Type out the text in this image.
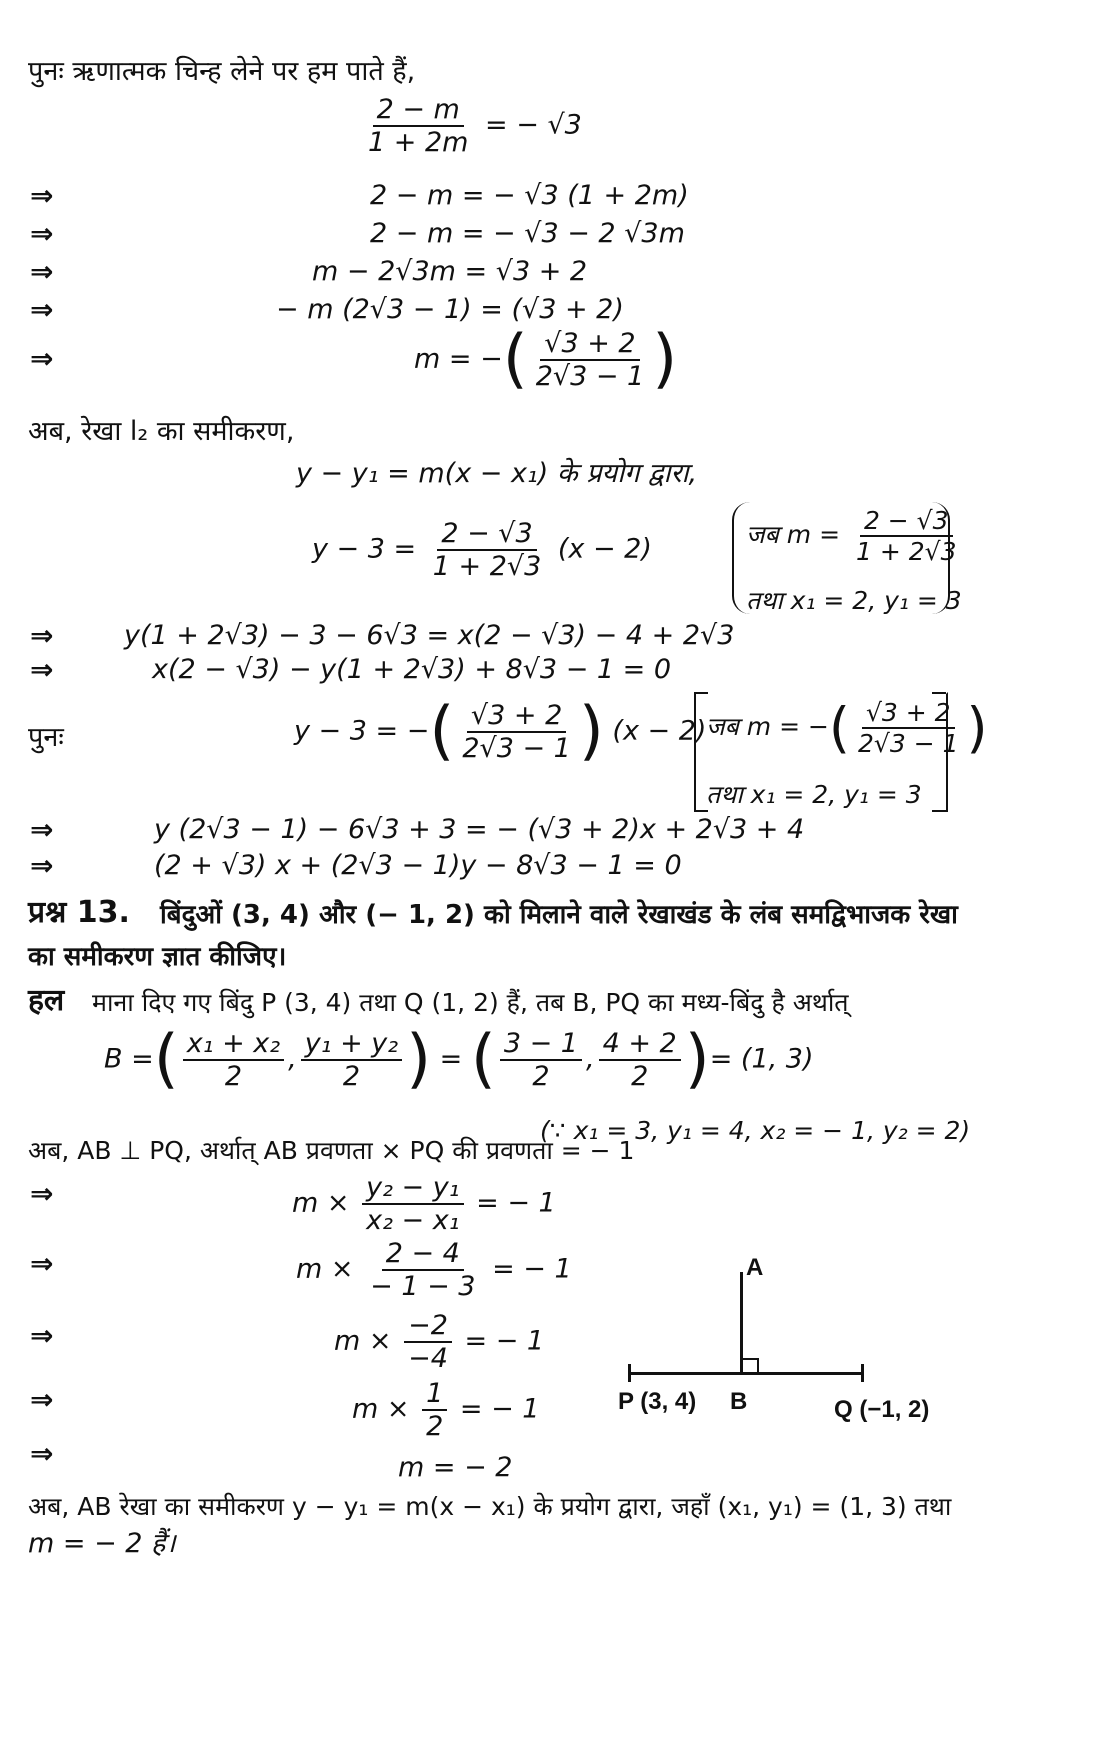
पुनः ऋणात्मक चिन्ह लेने पर हम पाते हैं,
$\frac{2 - m}{1 + 2m}$ = − √3
⇒	2 − m = − √3 (1 + 2m)
⇒	2 − m = − √3 − 2 √3m
⇒	m − 2√3m = √3 + 2
⇒	− m (2√3 − 1) = (√3 + 2)
⇒	m = −( $\frac{√3 + 2}{2√3 - 1}$ )
अब, रेखा l₂ का समीकरण,
y − y₁ = m(x − x₁) के प्रयोग द्वारा,
$y - 3 = \frac{2 - √3}{1 + 2√3} (x - 2)$	जब $m = \frac{2 - √3}{1 + 2√3}$
तथा x₁ = 2, y₁ = 3
⇒	y(1 + 2√3) − 3 − 6√3 = x(2 − √3) − 4 + 2√3
⇒	x(2 − √3) − y(1 + 2√3) + 8√3 − 1 = 0
पुनः	y − 3 = −( $\frac{√3 + 2}{2√3 - 1}$ ) (x − 2) जब m = −( $\frac{√3 + 2}{2√3 - 1}$ )
तथा x₁ = 2, y₁ = 3
⇒	y (2√3 − 1) − 6√3 + 3 = − (√3 + 2)x + 2√3 + 4
⇒	(2 + √3) x + (2√3 − 1)y − 8√3 − 1 = 0
प्रश्न 13. बिंदुओं (3, 4) और (− 1, 2) को मिलाने वाले रेखाखंड के लंब समद्विभाजक रेखा
का समीकरण ज्ञात कीजिए।
हल माना दिए गए बिंदु P (3, 4) तथा Q (1, 2) हैं, तब B, PQ का मध्य-बिंदु है अर्थात्
B =( $\frac{\text{x₁ + x₂}}{2}$ , $\frac{\text{y₁ + y₂}}{2}$ ) = ( $\frac{3 - 1}{2}$ , $\frac{4 + 2}{2}$ )= (1, 3)
(∵ x₁ = 3, y₁ = 4, x₂ = − 1, y₂ = 2)
अब, AB ⊥ PQ, अर्थात् AB प्रवणता × PQ की प्रवणता = − 1
⇒	$m \times \frac{\text{y₂ − y₁}}{\text{x₂ − x₁}}$ = − 1
⇒	$m \times \frac{2 - 4}{- 1 - 3}$ = − 1
⇒	$m \times \frac{-2}{-4}$ = − 1
⇒	$m \times \frac{1}{2}$ = − 1
⇒	m = − 2
A
P (3, 4) B	Q (−1, 2)
अब, AB रेखा का समीकरण y − y₁ = m(x − x₁) के प्रयोग द्वारा, जहाँ (x₁, y₁) = (1, 3) तथा
m = − 2 हैं।
